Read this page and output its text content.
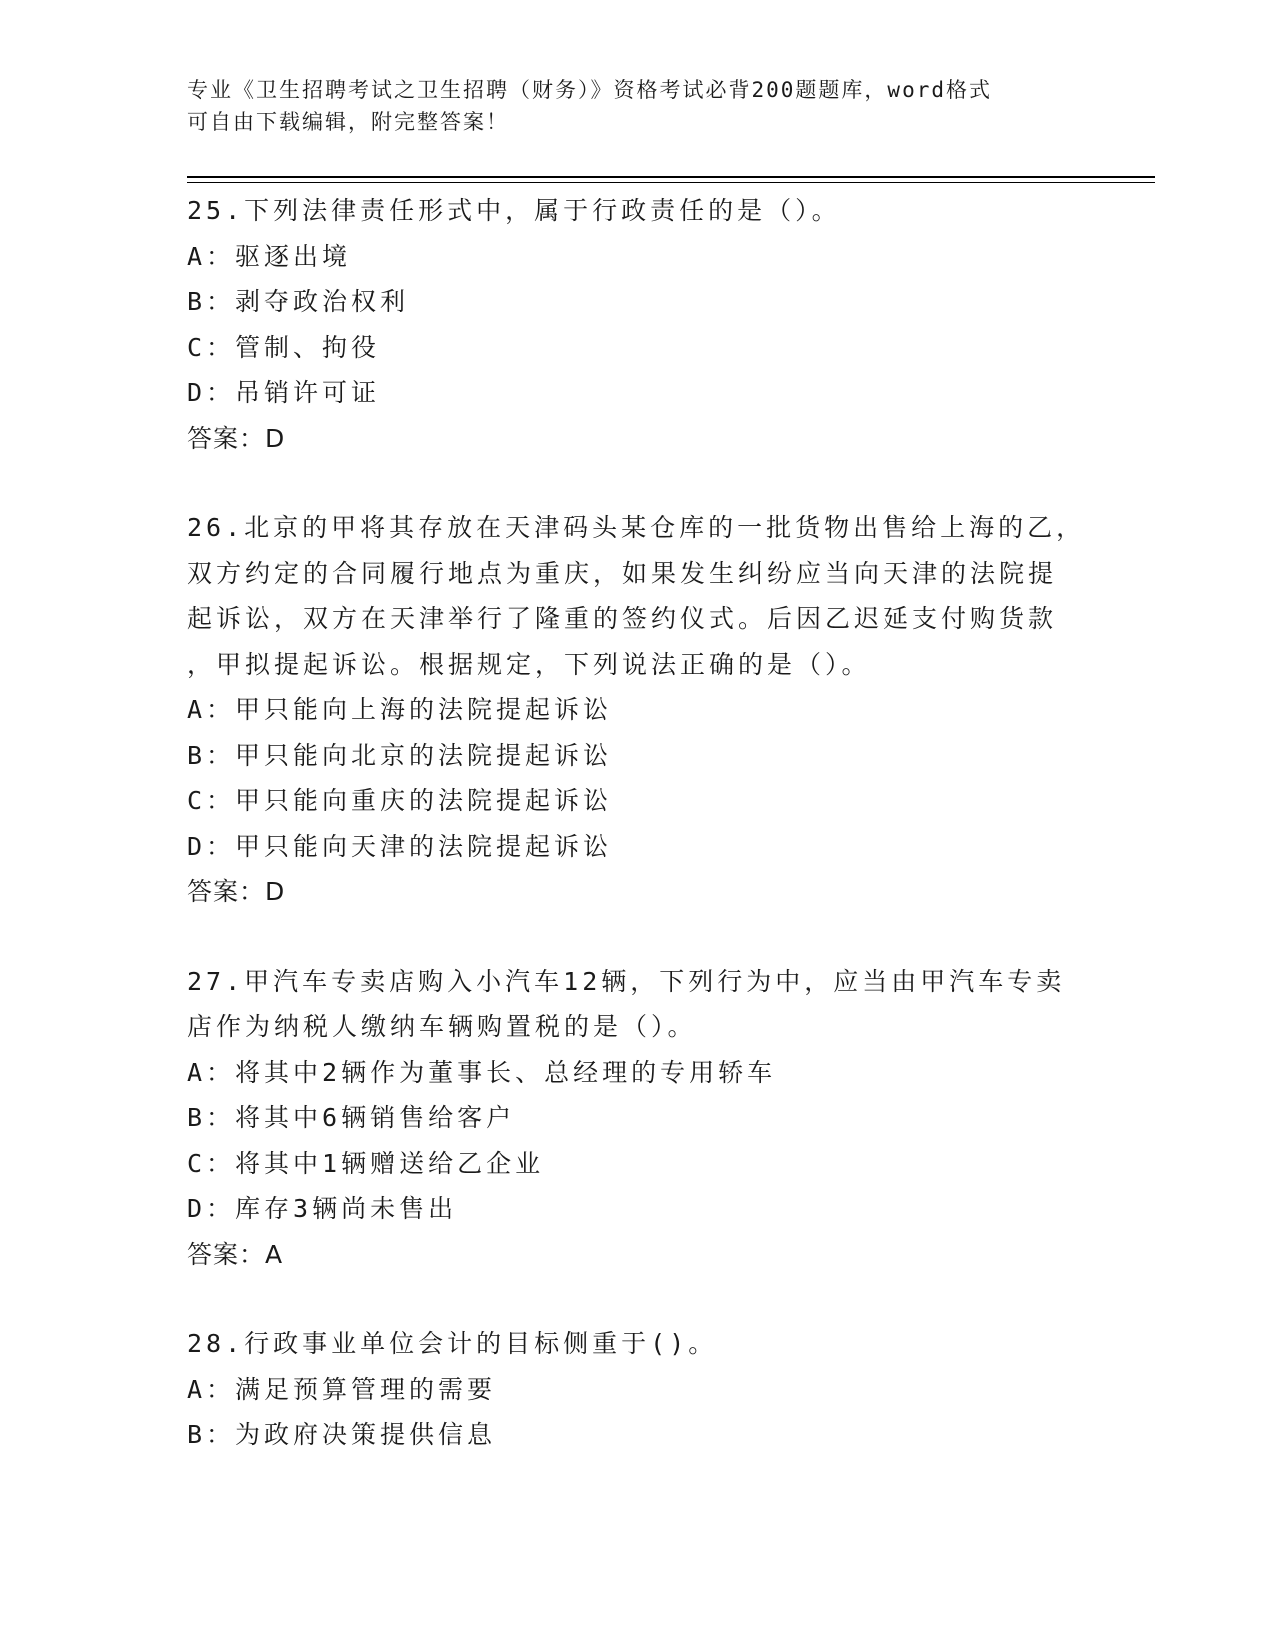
专业《卫生招聘考试之卫生招聘（财务）》资格考试必背200题题库，word格式
可自由下载编辑，附完整答案！
25.下列法律责任形式中，属于行政责任的是（）。
A：驱逐出境
B：剥夺政治权利
C：管制、拘役
D：吊销许可证
答案：D
26.北京的甲将其存放在天津码头某仓库的一批货物出售给上海的乙，
双方约定的合同履行地点为重庆，如果发生纠纷应当向天津的法院提
起诉讼，双方在天津举行了隆重的签约仪式。后因乙迟延支付购货款
，甲拟提起诉讼。根据规定，下列说法正确的是（）。
A：甲只能向上海的法院提起诉讼
B：甲只能向北京的法院提起诉讼
C：甲只能向重庆的法院提起诉讼
D：甲只能向天津的法院提起诉讼
答案：D
27.甲汽车专卖店购入小汽车12辆，下列行为中，应当由甲汽车专卖
店作为纳税人缴纳车辆购置税的是（）。
A：将其中2辆作为董事长、总经理的专用轿车
B：将其中6辆销售给客户
C：将其中1辆赠送给乙企业
D：库存3辆尚未售出
答案：A
28.行政事业单位会计的目标侧重于()。
A：满足预算管理的需要
B：为政府决策提供信息
